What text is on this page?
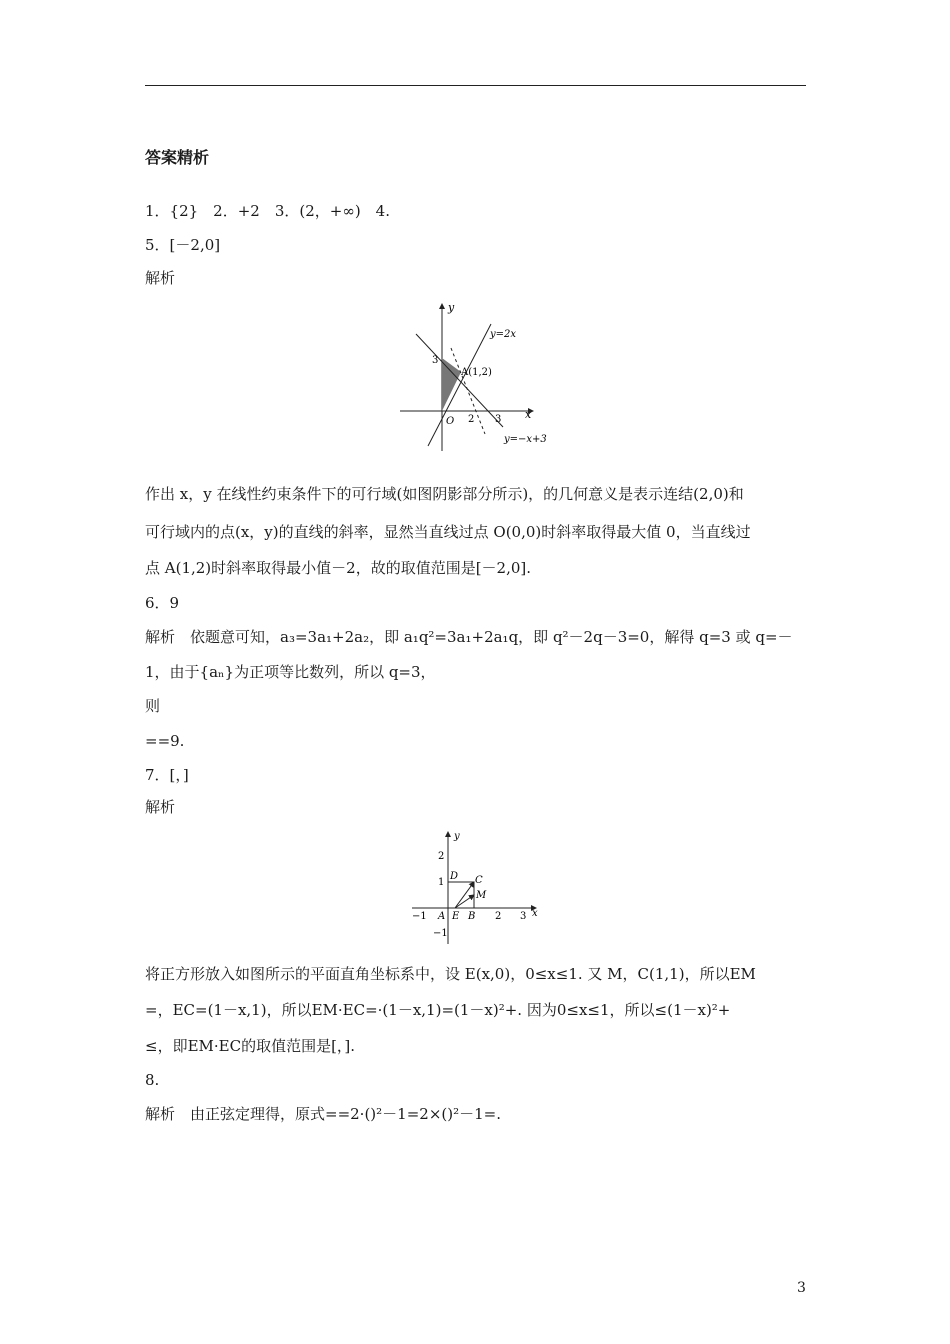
答案精析
1．{2}　2．+2　3．(2，+∞)　4.
5．[－2,0]
解析
y
x
y=2x
A(1,2)
3
O 2 3
y=−x+3
作出 x，y 在线性约束条件下的可行域(如图阴影部分所示)，的几何意义是表示连结(2,0)和
可行域内的点(x，y)的直线的斜率，显然当直线过点 O(0,0)时斜率取得最大值 0，当直线过
点 A(1,2)时斜率取得最小值－2，故的取值范围是[－2,0].
6．9
解析　依题意可知，a₃=3a₁+2a₂，即 a₁q²=3a₁+2a₁q，即 q²－2q－3=0，解得 q=3 或 q=－
1，由于{aₙ}为正项等比数列，所以 q=3，
则
==9.
7．[，]
解析
y
x
2
1
−1
−1	2 3
D C
M
A E B
将正方形放入如图所示的平面直角坐标系中，设 E(x,0)，0≤x≤1. 又 M，C(1,1)，所以EM
=，EC=(1－x,1)，所以EM·EC=·(1－x,1)=(1－x)²+. 因为0≤x≤1，所以≤(1－x)²+
≤，即EM·EC的取值范围是[，].
8.
解析　由正弦定理得，原式==2·()²－1=2×()²－1=.
3
